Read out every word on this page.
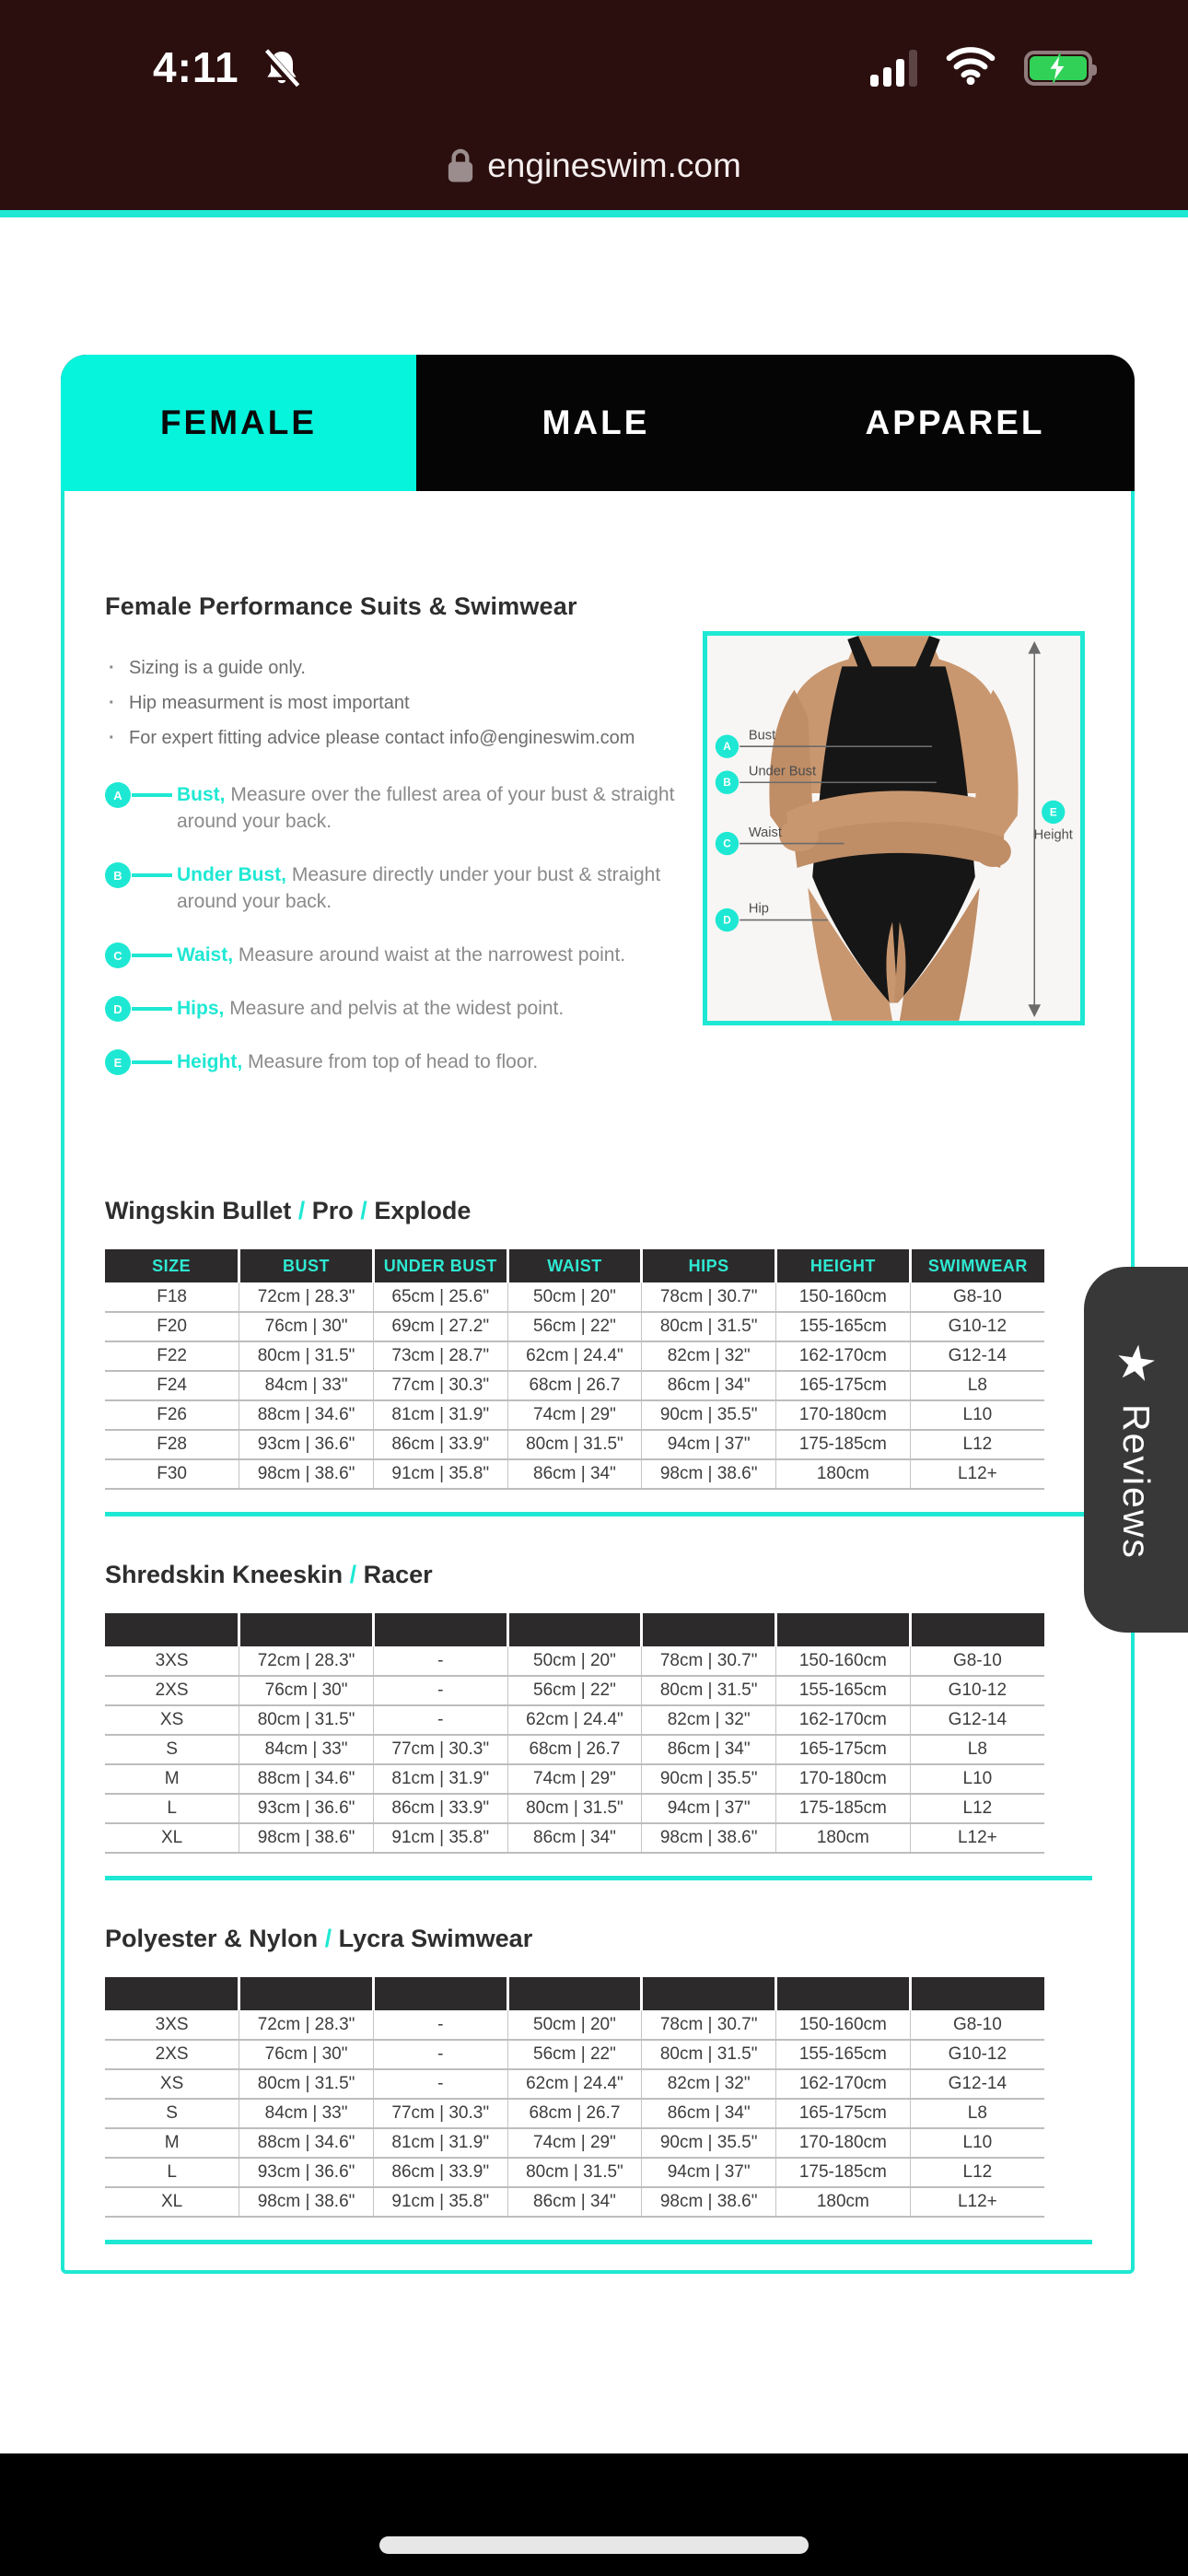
4:11
engineswim.com
FEMALE	MALE	APPAREL
Female Performance Suits & Swimwear
· Sizing is a guide only.
· Hip measurment is most important
· For expert fitting advice please contact info@engineswim.com
A	Bust, Measure over the fullest area of your bust & straight around your back.
B	Under Bust, Measure directly under your bust & straight around your back.
C	Waist, Measure around waist at the narrowest point.
D	Hips, Measure and pelvis at the widest point.
E	Height, Measure from top of head to floor.
A
B
C
D
E
Bust
Under Bust
Waist
Hip
Height
Wingskin Bullet / Pro / Explode
SIZE	BUST	UNDER BUST	WAIST	HIPS	HEIGHT	SWIMWEAR
F18	72cm | 28.3"	65cm | 25.6"	50cm | 20"	78cm | 30.7"	150-160cm	G8-10
F20	76cm | 30"	69cm | 27.2"	56cm | 22"	80cm | 31.5"	155-165cm	G10-12
F22	80cm | 31.5"	73cm | 28.7"	62cm | 24.4"	82cm | 32"	162-170cm	G12-14
F24	84cm | 33"	77cm | 30.3"	68cm | 26.7	86cm | 34"	165-175cm	L8
F26	88cm | 34.6"	81cm | 31.9"	74cm | 29"	90cm | 35.5"	170-180cm	L10
F28	93cm | 36.6"	86cm | 33.9"	80cm | 31.5"	94cm | 37"	175-185cm	L12
F30	98cm | 38.6"	91cm | 35.8"	86cm | 34"	98cm | 38.6"	180cm	L12+
Shredskin Kneeskin / Racer

3XS	72cm | 28.3"	-	50cm | 20"	78cm | 30.7"	150-160cm	G8-10
2XS	76cm | 30"	-	56cm | 22"	80cm | 31.5"	155-165cm	G10-12
XS	80cm | 31.5"	-	62cm | 24.4"	82cm | 32"	162-170cm	G12-14
S	84cm | 33"	77cm | 30.3"	68cm | 26.7	86cm | 34"	165-175cm	L8
M	88cm | 34.6"	81cm | 31.9"	74cm | 29"	90cm | 35.5"	170-180cm	L10
L	93cm | 36.6"	86cm | 33.9"	80cm | 31.5"	94cm | 37"	175-185cm	L12
XL	98cm | 38.6"	91cm | 35.8"	86cm | 34"	98cm | 38.6"	180cm	L12+
Polyester & Nylon / Lycra Swimwear

3XS	72cm | 28.3"	-	50cm | 20"	78cm | 30.7"	150-160cm	G8-10
2XS	76cm | 30"	-	56cm | 22"	80cm | 31.5"	155-165cm	G10-12
XS	80cm | 31.5"	-	62cm | 24.4"	82cm | 32"	162-170cm	G12-14
S	84cm | 33"	77cm | 30.3"	68cm | 26.7	86cm | 34"	165-175cm	L8
M	88cm | 34.6"	81cm | 31.9"	74cm | 29"	90cm | 35.5"	170-180cm	L10
L	93cm | 36.6"	86cm | 33.9"	80cm | 31.5"	94cm | 37"	175-185cm	L12
XL	98cm | 38.6"	91cm | 35.8"	86cm | 34"	98cm | 38.6"	180cm	L12+
★
Reviews
